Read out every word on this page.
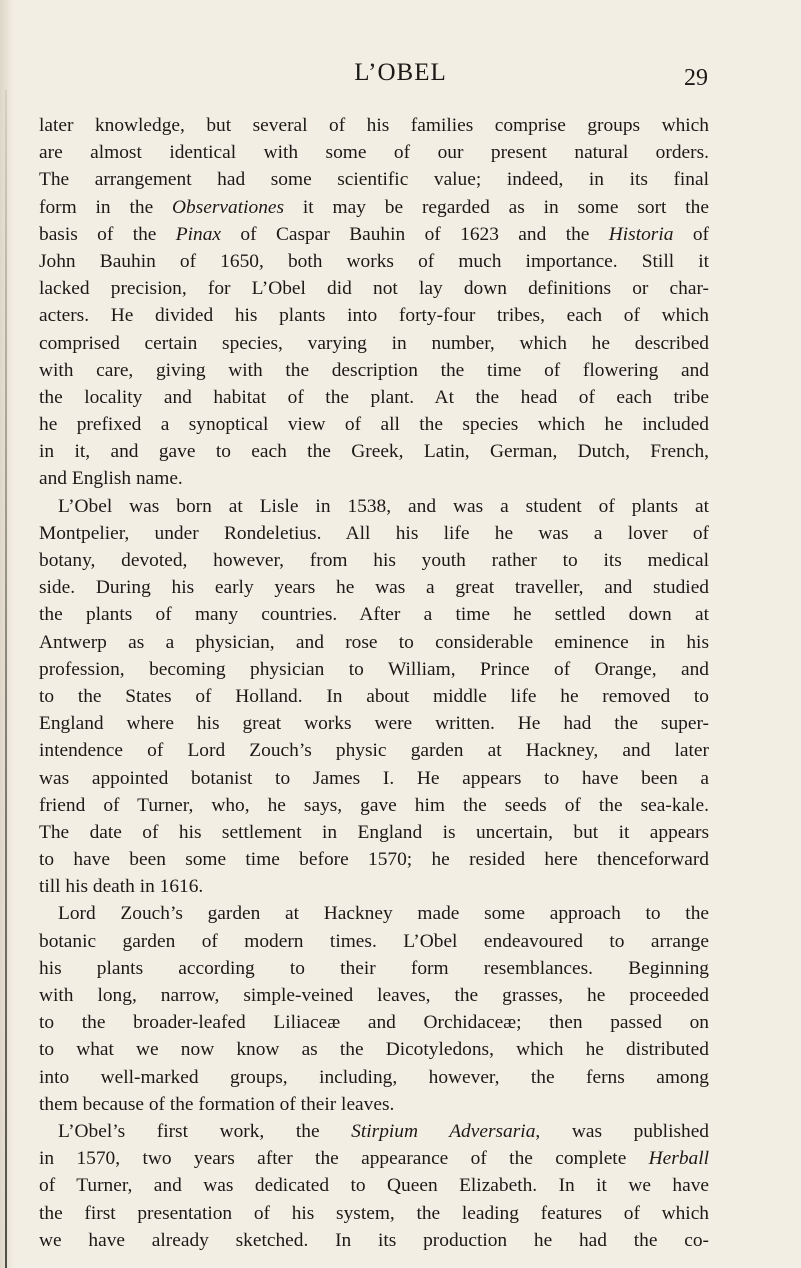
L’OBEL	29
later knowledge, but several of his families comprise groups which
are almost identical with some of our present natural orders.
The arrangement had some scientific value; indeed, in its final
form in the Observationes it may be regarded as in some sort the
basis of the Pinax of Caspar Bauhin of 1623 and the Historia of
John Bauhin of 1650, both works of much importance. Still it
lacked precision, for L’Obel did not lay down definitions or char-
acters. He divided his plants into forty-four tribes, each of which
comprised certain species, varying in number, which he described
with care, giving with the description the time of flowering and
the locality and habitat of the plant. At the head of each tribe
he prefixed a synoptical view of all the species which he included
in it, and gave to each the Greek, Latin, German, Dutch, French,
and English name.
L’Obel was born at Lisle in 1538, and was a student of plants at
Montpelier, under Rondeletius. All his life he was a lover of
botany, devoted, however, from his youth rather to its medical
side. During his early years he was a great traveller, and studied
the plants of many countries. After a time he settled down at
Antwerp as a physician, and rose to considerable eminence in his
profession, becoming physician to William, Prince of Orange, and
to the States of Holland. In about middle life he removed to
England where his great works were written. He had the super-
intendence of Lord Zouch’s physic garden at Hackney, and later
was appointed botanist to James I. He appears to have been a
friend of Turner, who, he says, gave him the seeds of the sea-kale.
The date of his settlement in England is uncertain, but it appears
to have been some time before 1570; he resided here thenceforward
till his death in 1616.
Lord Zouch’s garden at Hackney made some approach to the
botanic garden of modern times. L’Obel endeavoured to arrange
his plants according to their form resemblances. Beginning
with long, narrow, simple-veined leaves, the grasses, he proceeded
to the broader-leafed Liliaceæ and Orchidaceæ; then passed on
to what we now know as the Dicotyledons, which he distributed
into well-marked groups, including, however, the ferns among
them because of the formation of their leaves.
L’Obel’s first work, the Stirpium Adversaria, was published
in 1570, two years after the appearance of the complete Herball
of Turner, and was dedicated to Queen Elizabeth. In it we have
the first presentation of his system, the leading features of which
we have already sketched. In its production he had the co-
